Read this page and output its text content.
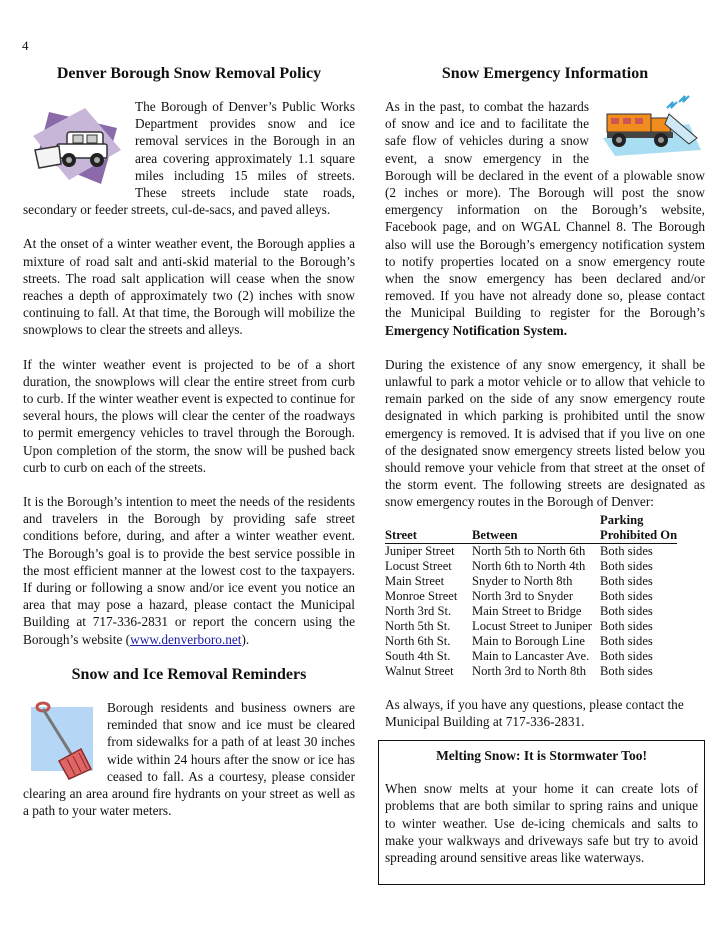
4
Denver Borough Snow Removal Policy

The Borough of Denver’s Public Works Department provides snow and ice removal services in the Borough in an area covering approximately 1.1 square miles including 15 miles of streets. These streets include state roads, secondary or feeder streets, cul-de-sacs, and paved alleys.

At the onset of a winter weather event, the Borough applies a mixture of road salt and anti-skid material to the Borough’s streets. The road salt application will cease when the snow reaches a depth of approximately two (2) inches with snow continuing to fall. At that time, the Borough will mobilize the snowplows to clear the streets and alleys.

If the winter weather event is projected to be of a short duration, the snowplows will clear the entire street from curb to curb. If the winter weather event is expected to continue for several hours, the plows will clear the center of the roadways to permit emergency vehicles to travel through the Borough. Upon completion of the storm, the snow will be pushed back curb to curb on each of the streets.

It is the Borough’s intention to meet the needs of the residents and travelers in the Borough by providing safe street conditions before, during, and after a winter weather event. The Borough’s goal is to provide the best service possible in the most efficient manner at the lowest cost to the taxpayers. If during or following a snow and/or ice event you notice an area that may pose a hazard, please contact the Municipal Building at 717-336-2831 or report the concern using the Borough’s website (www.denverboro.net).

Snow and Ice Removal Reminders

Borough residents and business owners are reminded that snow and ice must be cleared from sidewalks for a path of at least 30 inches wide within 24 hours after the snow or ice has ceased to fall. As a courtesy, please consider clearing an area around fire hydrants on your street as well as a path to your water meters.

Snow Emergency Information

As in the past, to combat the hazards of snow and ice and to facilitate the safe flow of vehicles during a snow event, a snow emergency in the Borough will be declared in the event of a plowable snow (2 inches or more). The Borough will post the snow emergency information on the Borough’s website, Facebook page, and on WGAL Channel 8. The Borough also will use the Borough’s emergency notification system to notify properties located on a snow emergency route when the snow emergency has been declared and/or removed. If you have not already done so, please contact the Municipal Building to register for the Borough’s Emergency Notification System.

During the existence of any snow emergency, it shall be unlawful to park a motor vehicle or to allow that vehicle to remain parked on the side of any snow emergency route designated in which parking is prohibited until the snow emergency is removed. It is advised that if you live on one of the designated snow emergency streets listed below you should remove your vehicle from that street at the onset of the storm event. The following streets are designated as snow emergency routes in the Borough of Denver:

Street	Between	Parking
		Prohibited On
Juniper Street	North 5th to North 6th	Both sides
Locust Street	North 6th to North 4th	Both sides
Main Street	Snyder to North 8th	Both sides
Monroe Street	North 3rd to Snyder	Both sides
North 3rd St.	Main Street to Bridge	Both sides
North 5th St.	Locust Street to Juniper	Both sides
North 6th St.	Main to Borough Line	Both sides
South 4th St.	Main to Lancaster Ave.	Both sides
Walnut Street	North 3rd to North 8th	Both sides

As always, if you have any questions, please contact the Municipal Building at 717-336-2831.

Melting Snow: It is Stormwater Too!

When snow melts at your home it can create lots of problems that are both similar to spring rains and unique to winter weather. Use de-icing chemicals and salts to make your walkways and driveways safe but try to avoid spreading around sensitive areas like waterways.
